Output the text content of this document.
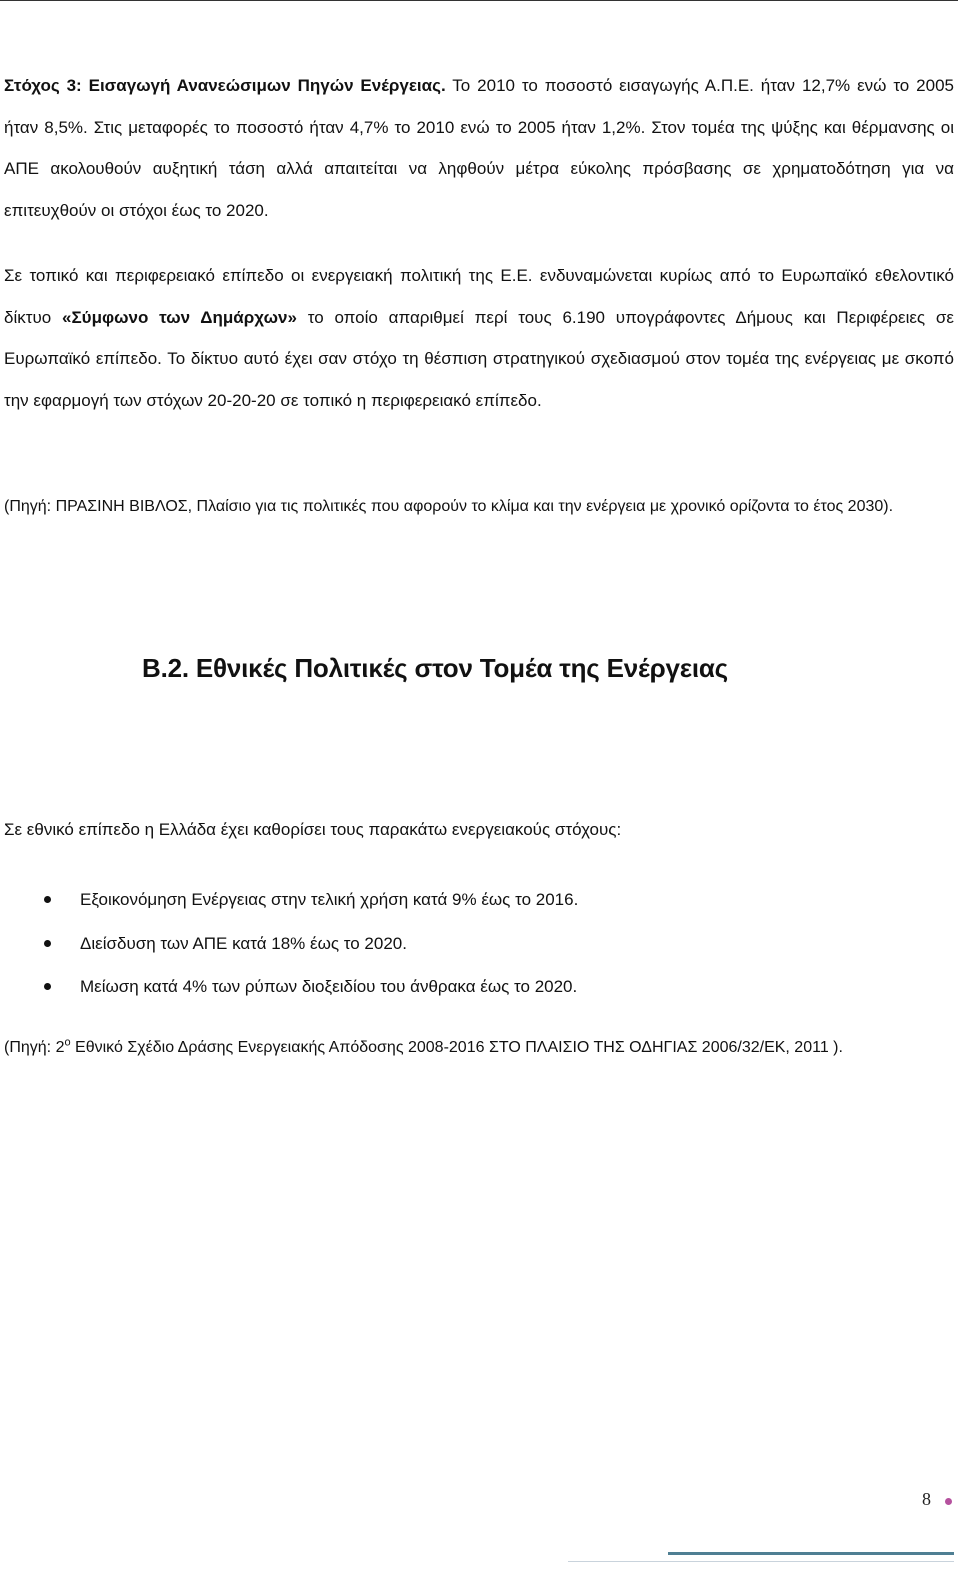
Στόχος 3: Εισαγωγή Ανανεώσιμων Πηγών Ενέργειας. Το 2010 το ποσοστό εισαγωγής Α.Π.Ε. ήταν 12,7% ενώ το 2005 ήταν 8,5%. Στις μεταφορές το ποσοστό ήταν 4,7% το 2010 ενώ το 2005 ήταν 1,2%. Στον τομέα της ψύξης και θέρμανσης οι ΑΠΕ ακολουθούν αυξητική τάση αλλά απαιτείται να ληφθούν μέτρα εύκολης πρόσβασης σε χρηματοδότηση για να επιτευχθούν οι στόχοι έως το 2020.

Σε τοπικό και περιφερειακό επίπεδο οι ενεργειακή πολιτική της Ε.Ε. ενδυναμώνεται κυρίως από το Ευρωπαϊκό εθελοντικό δίκτυο «Σύμφωνο των Δημάρχων» το οποίο απαριθμεί περί τους 6.190 υπογράφοντες Δήμους και Περιφέρειες σε Ευρωπαϊκό επίπεδο. Το δίκτυο αυτό έχει σαν στόχο τη θέσπιση στρατηγικού σχεδιασμού στον τομέα της ενέργειας με σκοπό την εφαρμογή των στόχων 20-20-20 σε τοπικό η περιφερειακό επίπεδο.

(Πηγή: ΠΡΑΣΙΝΗ ΒΙΒΛΟΣ, Πλαίσιο για τις πολιτικές που αφορούν το κλίμα και την ενέργεια με χρονικό ορίζοντα το έτος 2030).

Β.2. Εθνικές Πολιτικές στον Τομέα της Ενέργειας

Σε εθνικό επίπεδο η Ελλάδα έχει καθορίσει τους παρακάτω ενεργειακούς στόχους:

Εξοικονόμηση Ενέργειας στην τελική χρήση κατά 9% έως το 2016.
Διείσδυση των ΑΠΕ κατά 18% έως το 2020.
Μείωση κατά 4% των ρύπων διοξειδίου του άνθρακα έως το 2020.

(Πηγή: $2^o$ Εθνικό Σχέδιο Δράσης Ενεργειακής Απόδοσης 2008-2016 ΣΤΟ ΠΛΑΙΣΙΟ ΤΗΣ ΟΔΗΓΙΑΣ 2006/32/ΕΚ, 2011 ).

8
